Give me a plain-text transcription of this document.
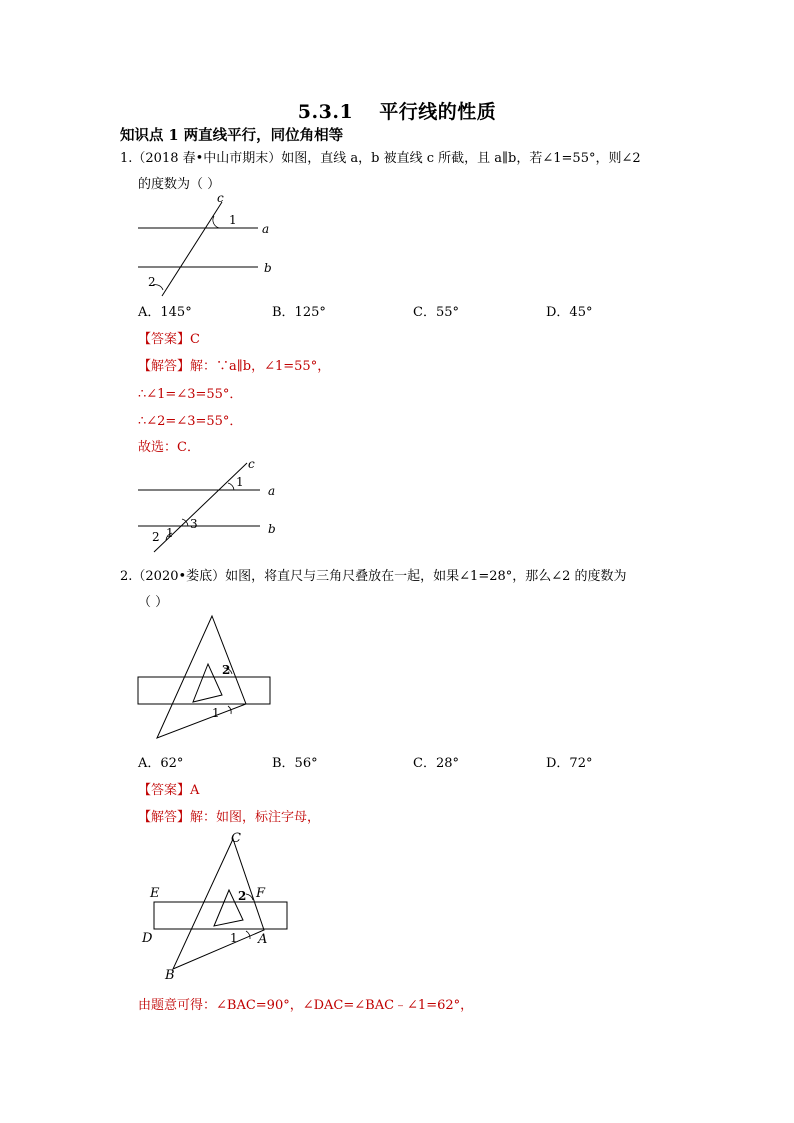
5.3.1 平行线的性质
知识点 1 两直线平行，同位角相等
1.（2018 春•中山市期末）如图，直线 a，b 被直线 c 所截，且 a∥b，若∠1=55°，则∠2
的度数为（ ）
c
1
a
b
2
A．145°	B．125°	C．55°	D．45°
【答案】C
【解答】解：∵a∥b，∠1=55°，
∴∠1=∠3=55°．
∴∠2=∠3=55°．
故选：C．
c
1
a
3	b
1
2
2.（2020•娄底）如图，将直尺与三角尺叠放在一起，如果∠1=28°，那么∠2 的度数为
（ ）
2
1
A．62°	B．56°	C．28°	D．72°
【答案】A
【解答】解：如图，标注字母，
C
E	F
2
1 A
D
B
由题意可得：∠BAC=90°，∠DAC=∠BAC﹣∠1=62°，
